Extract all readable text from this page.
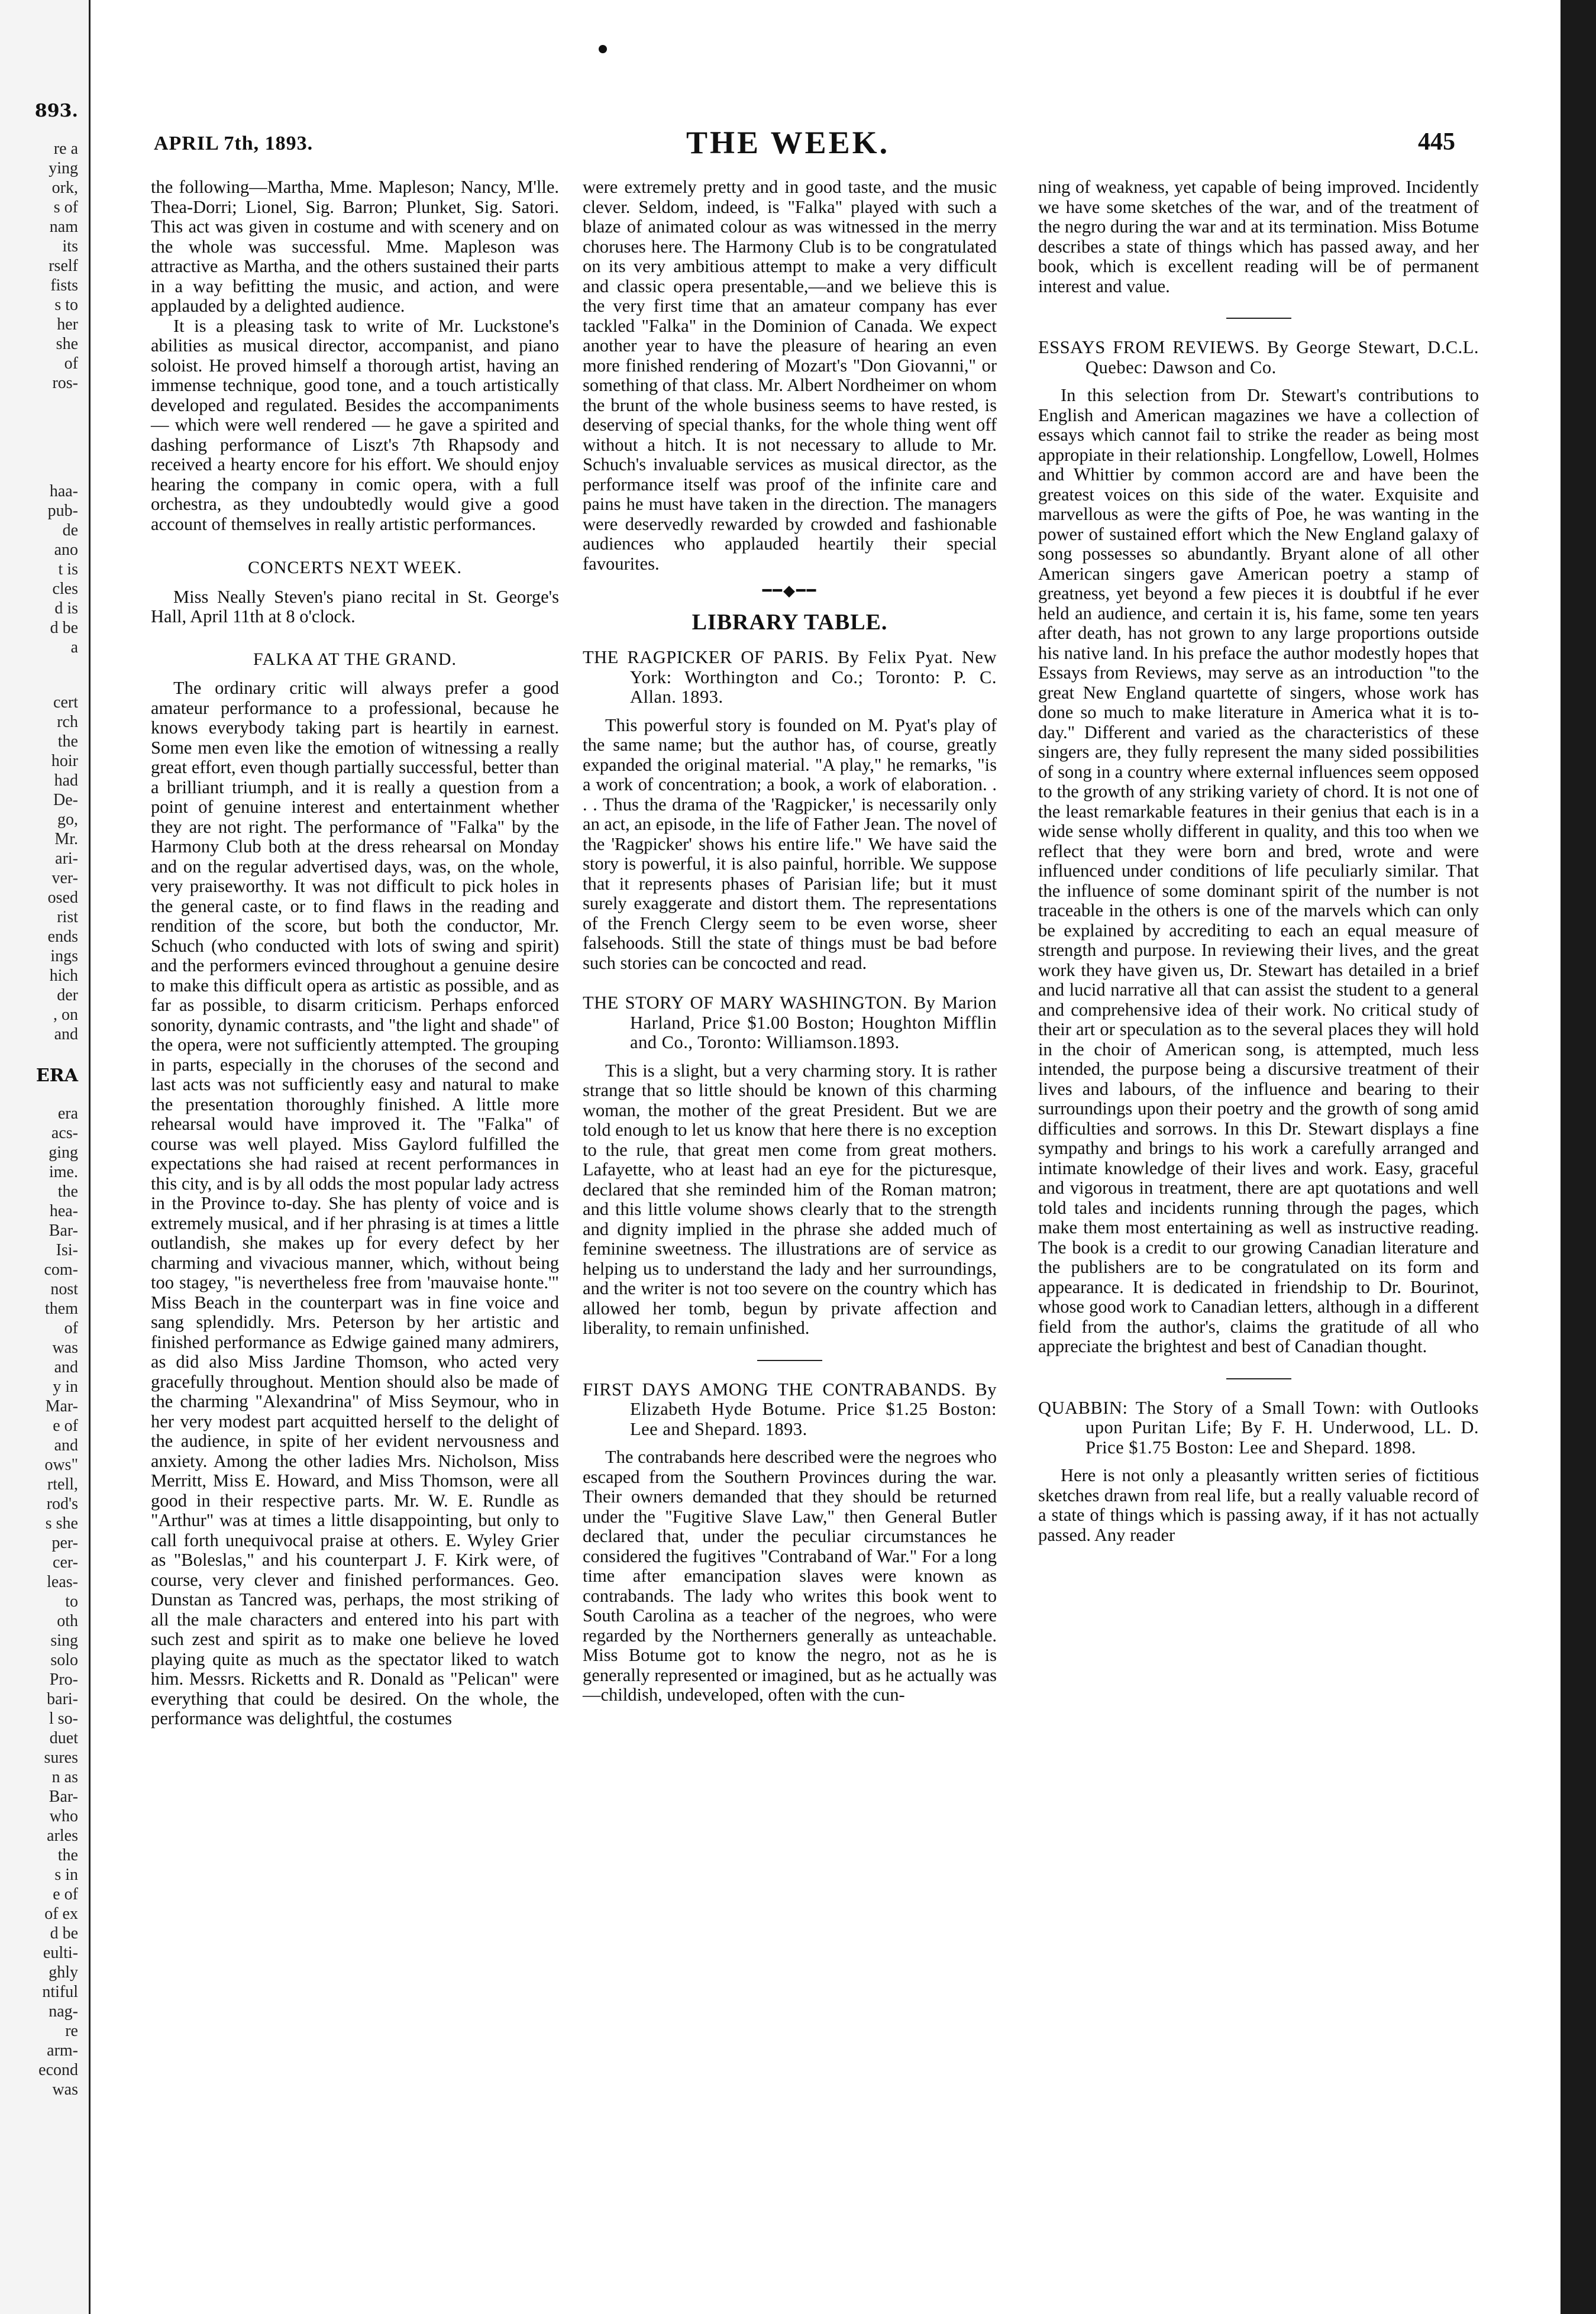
893.
re a
ying
ork,
s of
nam
its
rself
fists
s to
her
she
of
ros-
haa-
pub-
de
ano
t is
cles
d is
d be
a
cert
rch
the
hoir
had
De-
go,
Mr.
ari-
ver-
osed
rist
ends
ings
hich
der
, on
and
ERA
era
acs-
ging
ime.
the
hea-
Bar-
Isi-
com-
nost
them
of
was
and
y in
Mar-
e of
and
ows"
rtell,
rod's
s she
per-
cer-
leas-
to
oth
sing
solo
Pro-
bari-
l so-
duet
sures
n as
Bar-
who
arles
the
s in
e of
of ex
d be
eulti-
ghly
ntiful
nag-
re
arm-
econd
was
APRIL 7th, 1893.	THE WEEK.	445

the following—Martha, Mme. Mapleson; Nancy, M'lle. Thea-Dorri; Lionel, Sig. Barron; Plunket, Sig. Satori. This act was given in costume and with scenery and on the whole was successful. Mme. Mapleson was attractive as Martha, and the others sustained their parts in a way befitting the music, and action, and were applauded by a delighted audience.

It is a pleasing task to write of Mr. Luckstone's abilities as musical director, accompanist, and piano soloist. He proved himself a thorough artist, having an immense technique, good tone, and a touch artistically developed and regulated. Besides the accompaniments — which were well rendered — he gave a spirited and dashing performance of Liszt's 7th Rhapsody and received a hearty encore for his effort. We should enjoy hearing the company in comic opera, with a full orchestra, as they undoubtedly would give a good account of themselves in really artistic performances.

CONCERTS NEXT WEEK.

Miss Neally Steven's piano recital in St. George's Hall, April 11th at 8 o'clock.

FALKA AT THE GRAND.

The ordinary critic will always prefer a good amateur performance to a professional, because he knows everybody taking part is heartily in earnest. Some men even like the emotion of witnessing a really great effort, even though partially successful, better than a brilliant triumph, and it is really a question from a point of genuine interest and entertainment whether they are not right. The performance of "Falka" by the Harmony Club both at the dress rehearsal on Monday and on the regular advertised days, was, on the whole, very praiseworthy. It was not difficult to pick holes in the general caste, or to find flaws in the reading and rendition of the score, but both the conductor, Mr. Schuch (who conducted with lots of swing and spirit) and the performers evinced throughout a genuine desire to make this difficult opera as artistic as possible, and as far as possible, to disarm criticism. Perhaps enforced sonority, dynamic contrasts, and "the light and shade" of the opera, were not sufficiently attempted. The grouping in parts, especially in the choruses of the second and last acts was not sufficiently easy and natural to make the presentation thoroughly finished. A little more rehearsal would have improved it. The "Falka" of course was well played. Miss Gaylord fulfilled the expectations she had raised at recent performances in this city, and is by all odds the most popular lady actress in the Province to-day. She has plenty of voice and is extremely musical, and if her phrasing is at times a little outlandish, she makes up for every defect by her charming and vivacious manner, which, without being too stagey, "is nevertheless free from 'mauvaise honte.'" Miss Beach in the counterpart was in fine voice and sang splendidly. Mrs. Peterson by her artistic and finished performance as Edwige gained many admirers, as did also Miss Jardine Thomson, who acted very gracefully throughout. Mention should also be made of the charming "Alexandrina" of Miss Seymour, who in her very modest part acquitted herself to the delight of the audience, in spite of her evident nervousness and anxiety. Among the other ladies Mrs. Nicholson, Miss Merritt, Miss E. Howard, and Miss Thomson, were all good in their respective parts. Mr. W. E. Rundle as "Arthur" was at times a little disappointing, but only to call forth unequivocal praise at others. E. Wyley Grier as "Boleslas," and his counterpart J. F. Kirk were, of course, very clever and finished performances. Geo. Dunstan as Tancred was, perhaps, the most striking of all the male characters and entered into his part with such zest and spirit as to make one believe he loved playing quite as much as the spectator liked to watch him. Messrs. Ricketts and R. Donald as "Pelican" were everything that could be desired. On the whole, the performance was delightful, the costumes

were extremely pretty and in good taste, and the music clever. Seldom, indeed, is "Falka" played with such a blaze of animated colour as was witnessed in the merry choruses here. The Harmony Club is to be congratulated on its very ambitious attempt to make a very difficult and classic opera presentable,—and we believe this is the very first time that an amateur company has ever tackled "Falka" in the Dominion of Canada. We expect another year to have the pleasure of hearing an even more finished rendering of Mozart's "Don Giovanni," or something of that class. Mr. Albert Nordheimer on whom the brunt of the whole business seems to have rested, is deserving of special thanks, for the whole thing went off without a hitch. It is not necessary to allude to Mr. Schuch's invaluable services as musical director, as the performance itself was proof of the infinite care and pains he must have taken in the direction. The managers were deservedly rewarded by crowded and fashionable audiences who applauded heartily their special favourites.

━━◆━━
LIBRARY TABLE.
THE RAGPICKER OF PARIS. By Felix Pyat. New York: Worthington and Co.; Toronto: P. C. Allan. 1893.

This powerful story is founded on M. Pyat's play of the same name; but the author has, of course, greatly expanded the original material. "A play," he remarks, "is a work of concentration; a book, a work of elaboration. . . . Thus the drama of the 'Ragpicker,' is necessarily only an act, an episode, in the life of Father Jean. The novel of the 'Ragpicker' shows his entire life." We have said the story is powerful, it is also painful, horrible. We suppose that it represents phases of Parisian life; but it must surely exaggerate and distort them. The representations of the French Clergy seem to be even worse, sheer falsehoods. Still the state of things must be bad before such stories can be concocted and read.

THE STORY OF MARY WASHINGTON. By Marion Harland, Price $1.00 Boston; Houghton Mifflin and Co., Toronto: Williamson.1893.

This is a slight, but a very charming story. It is rather strange that so little should be known of this charming woman, the mother of the great President. But we are told enough to let us know that here there is no exception to the rule, that great men come from great mothers. Lafayette, who at least had an eye for the picturesque, declared that she reminded him of the Roman matron; and this little volume shows clearly that to the strength and dignity implied in the phrase she added much of feminine sweetness. The illustrations are of service as helping us to understand the lady and her surroundings, and the writer is not too severe on the country which has allowed her tomb, begun by private affection and liberality, to remain unfinished.

FIRST DAYS AMONG THE CONTRABANDS. By Elizabeth Hyde Botume. Price $1.25 Boston: Lee and Shepard. 1893.

The contrabands here described were the negroes who escaped from the Southern Provinces during the war. Their owners demanded that they should be returned under the "Fugitive Slave Law," then General Butler declared that, under the peculiar circumstances he considered the fugitives "Contraband of War." For a long time after emancipation slaves were known as contrabands. The lady who writes this book went to South Carolina as a teacher of the negroes, who were regarded by the Northerners generally as unteachable. Miss Botume got to know the negro, not as he is generally represented or imagined, but as he actually was—childish, undeveloped, often with the cun-

ning of weakness, yet capable of being improved. Incidently we have some sketches of the war, and of the treatment of the negro during the war and at its termination. Miss Botume describes a state of things which has passed away, and her book, which is excellent reading will be of permanent interest and value.

ESSAYS FROM REVIEWS. By George Stewart, D.C.L. Quebec: Dawson and Co.

In this selection from Dr. Stewart's contributions to English and American magazines we have a collection of essays which cannot fail to strike the reader as being most appropiate in their relationship. Longfellow, Lowell, Holmes and Whittier by common accord are and have been the greatest voices on this side of the water. Exquisite and marvellous as were the gifts of Poe, he was wanting in the power of sustained effort which the New England galaxy of song possesses so abundantly. Bryant alone of all other American singers gave American poetry a stamp of greatness, yet beyond a few pieces it is doubtful if he ever held an audience, and certain it is, his fame, some ten years after death, has not grown to any large proportions outside his native land. In his preface the author modestly hopes that Essays from Reviews, may serve as an introduction "to the great New England quartette of singers, whose work has done so much to make literature in America what it is to-day." Different and varied as the characteristics of these singers are, they fully represent the many sided possibilities of song in a country where external influences seem opposed to the growth of any striking variety of chord. It is not one of the least remarkable features in their genius that each is in a wide sense wholly different in quality, and this too when we reflect that they were born and bred, wrote and were influenced under conditions of life peculiarly similar. That the influence of some dominant spirit of the number is not traceable in the others is one of the marvels which can only be explained by accrediting to each an equal measure of strength and purpose. In reviewing their lives, and the great work they have given us, Dr. Stewart has detailed in a brief and lucid narrative all that can assist the student to a general and comprehensive idea of their work. No critical study of their art or speculation as to the several places they will hold in the choir of American song, is attempted, much less intended, the purpose being a discursive treatment of their lives and labours, of the influence and bearing to their surroundings upon their poetry and the growth of song amid difficulties and sorrows. In this Dr. Stewart displays a fine sympathy and brings to his work a carefully arranged and intimate knowledge of their lives and work. Easy, graceful and vigorous in treatment, there are apt quotations and well told tales and incidents running through the pages, which make them most entertaining as well as instructive reading. The book is a credit to our growing Canadian literature and the publishers are to be congratulated on its form and appearance. It is dedicated in friendship to Dr. Bourinot, whose good work to Canadian letters, although in a different field from the author's, claims the gratitude of all who appreciate the brightest and best of Canadian thought.

QUABBIN: The Story of a Small Town: with Outlooks upon Puritan Life; By F. H. Underwood, LL. D. Price $1.75 Boston: Lee and Shepard. 1898.

Here is not only a pleasantly written series of fictitious sketches drawn from real life, but a really valuable record of a state of things which is passing away, if it has not actually passed. Any reader
